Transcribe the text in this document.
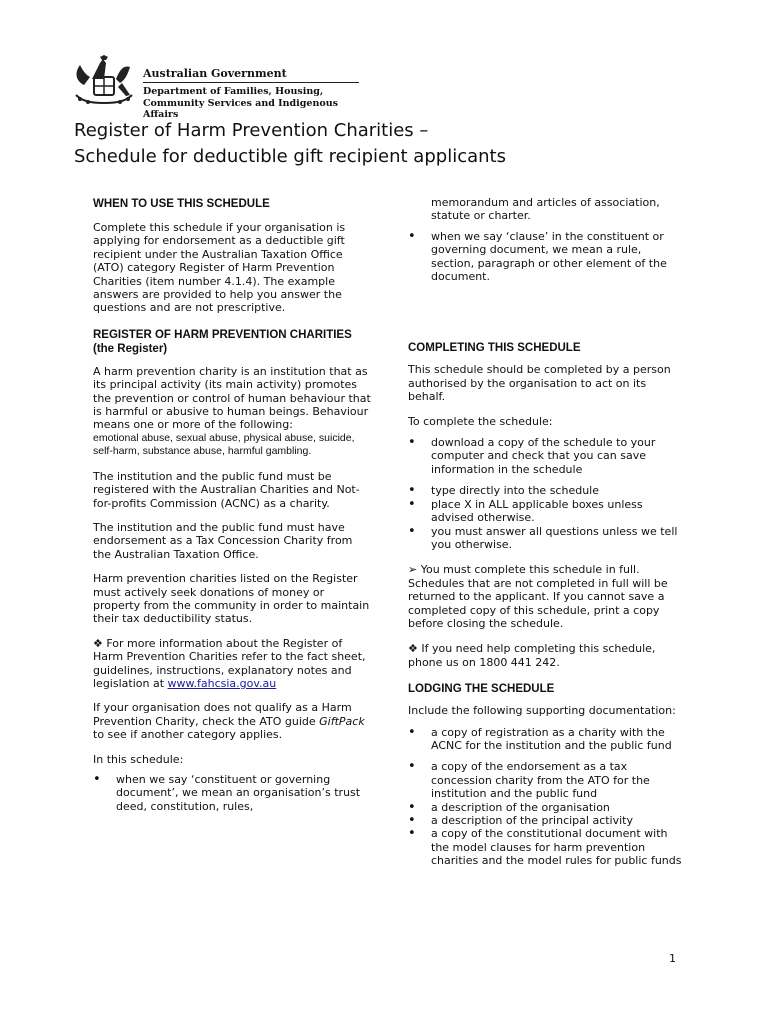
Australian Government
Department of Families, Housing,
Community Services and Indigenous Affairs
Register of Harm Prevention Charities –
Schedule for deductible gift recipient applicants

WHEN TO USE THIS SCHEDULE

Complete this schedule if your organisation is applying for endorsement as a deductible gift recipient under the Australian Taxation Office (ATO) category Register of Harm Prevention Charities (item number 4.1.4). The example answers are provided to help you answer the questions and are not prescriptive.

REGISTER OF HARM PREVENTION CHARITIES (the Register)

A harm prevention charity is an institution that as its principal activity (its main activity) promotes the prevention or control of human behaviour that is harmful or abusive to human beings. Behaviour means one or more of the following:

emotional abuse, sexual abuse, physical abuse, suicide, self-harm, substance abuse, harmful gambling.

The institution and the public fund must be registered with the Australian Charities and Not-for-profits Commission (ACNC) as a charity.

The institution and the public fund must have endorsement as a Tax Concession Charity from the Australian Taxation Office.

Harm prevention charities listed on the Register must actively seek donations of money or property from the community in order to maintain their tax deductibility status.

❖ For more information about the Register of Harm Prevention Charities refer to the fact sheet, guidelines, instructions, explanatory notes and legislation at www.fahcsia.gov.au

If your organisation does not qualify as a Harm Prevention Charity, check the ATO guide GiftPack to see if another category applies.

In this schedule:

• when we say ‘constituent or governing document’, we mean an organisation’s trust deed, constitution, rules,

memorandum and articles of association, statute or charter.

• when we say ‘clause’ in the constituent or governing document, we mean a rule, section, paragraph or other element of the document.

COMPLETING THIS SCHEDULE

This schedule should be completed by a person authorised by the organisation to act on its behalf.

To complete the schedule:

• download a copy of the schedule to your computer and check that you can save information in the schedule
• type directly into the schedule
• place X in ALL applicable boxes unless advised otherwise.
• you must answer all questions unless we tell you otherwise.

➢ You must complete this schedule in full. Schedules that are not completed in full will be returned to the applicant. If you cannot save a completed copy of this schedule, print a copy before closing the schedule.

❖ If you need help completing this schedule, phone us on 1800 441 242.

LODGING THE SCHEDULE

Include the following supporting documentation:

• a copy of registration as a charity with the ACNC for the institution and the public fund
• a copy of the endorsement as a tax concession charity from the ATO for the institution and the public fund
• a description of the organisation
• a description of the principal activity
• a copy of the constitutional document with the model clauses for harm prevention charities and the model rules for public funds
1
